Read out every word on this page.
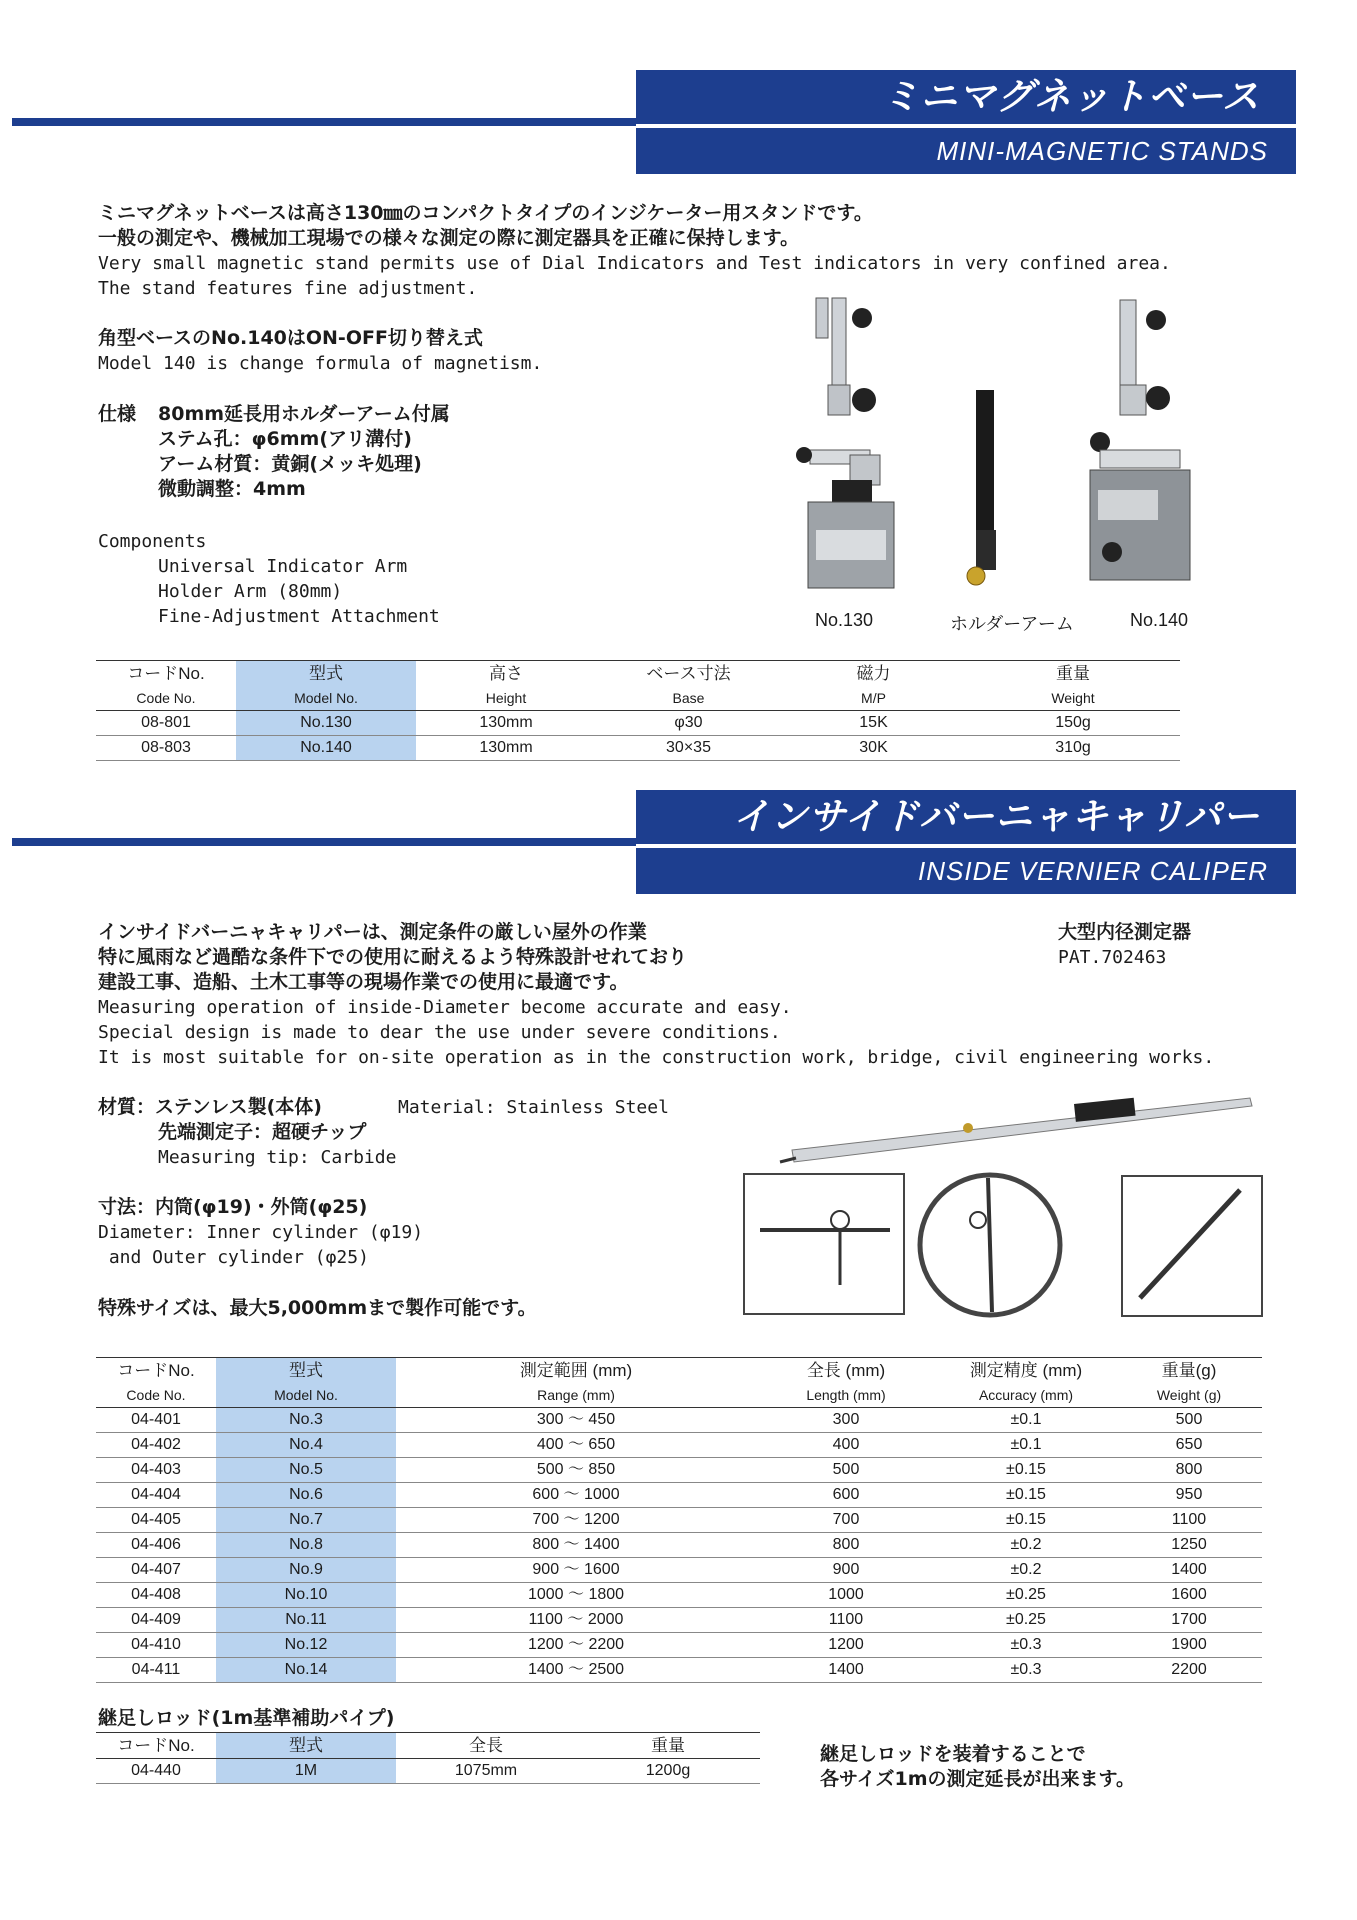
ミニマグネットベース
MINI-MAGNETIC STANDS
ミニマグネットベースは高さ130㎜のコンパクトタイプのインジケーター用スタンドです。
一般の測定や、機械加工現場での様々な測定の際に測定器具を正確に保持します。
Very small magnetic stand permits use of Dial Indicators and Test indicators in very confined area.
The stand features fine adjustment.
角型ベースのNo.140はON-OFF切り替え式
Model 140 is change formula of magnetism.
仕様 80mm延長用ホルダーアーム付属
ステム孔：φ6mm(アリ溝付)
アーム材質：黄銅(メッキ処理)
微動調整：4mm
Components
Universal Indicator Arm
Holder Arm (80mm)
Fine-Adjustment Attachment	No.130	ホルダーアーム	No.140
コードNo.	型式	高さ	ベース寸法	磁力	重量
Code No.	Model No.	Height	Base	M/P	Weight
08-801	No.130	130mm	φ30	15K	150g
08-803	No.140	130mm	30×35	30K	310g
インサイドバーニャキャリパー
INSIDE VERNIER CALIPER
インサイドバーニャキャリパーは、測定条件の厳しい屋外の作業
特に風雨など過酷な条件下での使用に耐えるよう特殊設計せれており
建設工事、造船、土木工事等の現場作業での使用に最適です。
Measuring operation of inside-Diameter become accurate and easy.
Special design is made to dear the use under severe conditions.
It is most suitable for on-site operation as in the construction work, bridge, civil engineering works.
大型内径測定器
PAT.702463
材質：ステンレス製(本体)	Material: Stainless Steel
先端測定子：超硬チップ
Measuring tip: Carbide
寸法：内筒(φ19)・外筒(φ25)
Diameter: Inner cylinder (φ19)
and Outer cylinder (φ25)
特殊サイズは、最大5,000mmまで製作可能です。
コードNo.	型式	測定範囲 (mm)	全長 (mm)	測定精度 (mm)	重量(g)
Code No.	Model No.	Range (mm)	Length (mm)	Accuracy (mm)	Weight (g)
04-401	No.3	300 ～ 450	300	±0.1	500
04-402	No.4	400 ～ 650	400	±0.1	650
04-403	No.5	500 ～ 850	500	±0.15	800
04-404	No.6	600 ～ 1000	600	±0.15	950
04-405	No.7	700 ～ 1200	700	±0.15	1100
04-406	No.8	800 ～ 1400	800	±0.2	1250
04-407	No.9	900 ～ 1600	900	±0.2	1400
04-408	No.10	1000 ～ 1800	1000	±0.25	1600
04-409	No.11	1100 ～ 2000	1100	±0.25	1700
04-410	No.12	1200 ～ 2200	1200	±0.3	1900
04-411	No.14	1400 ～ 2500	1400	±0.3	2200
継足しロッド(1m基準補助パイプ)
コードNo.	型式	全長	重量
04-440	1M	1075mm	1200g
継足しロッドを装着することで
各サイズ1mの測定延長が出来ます。
